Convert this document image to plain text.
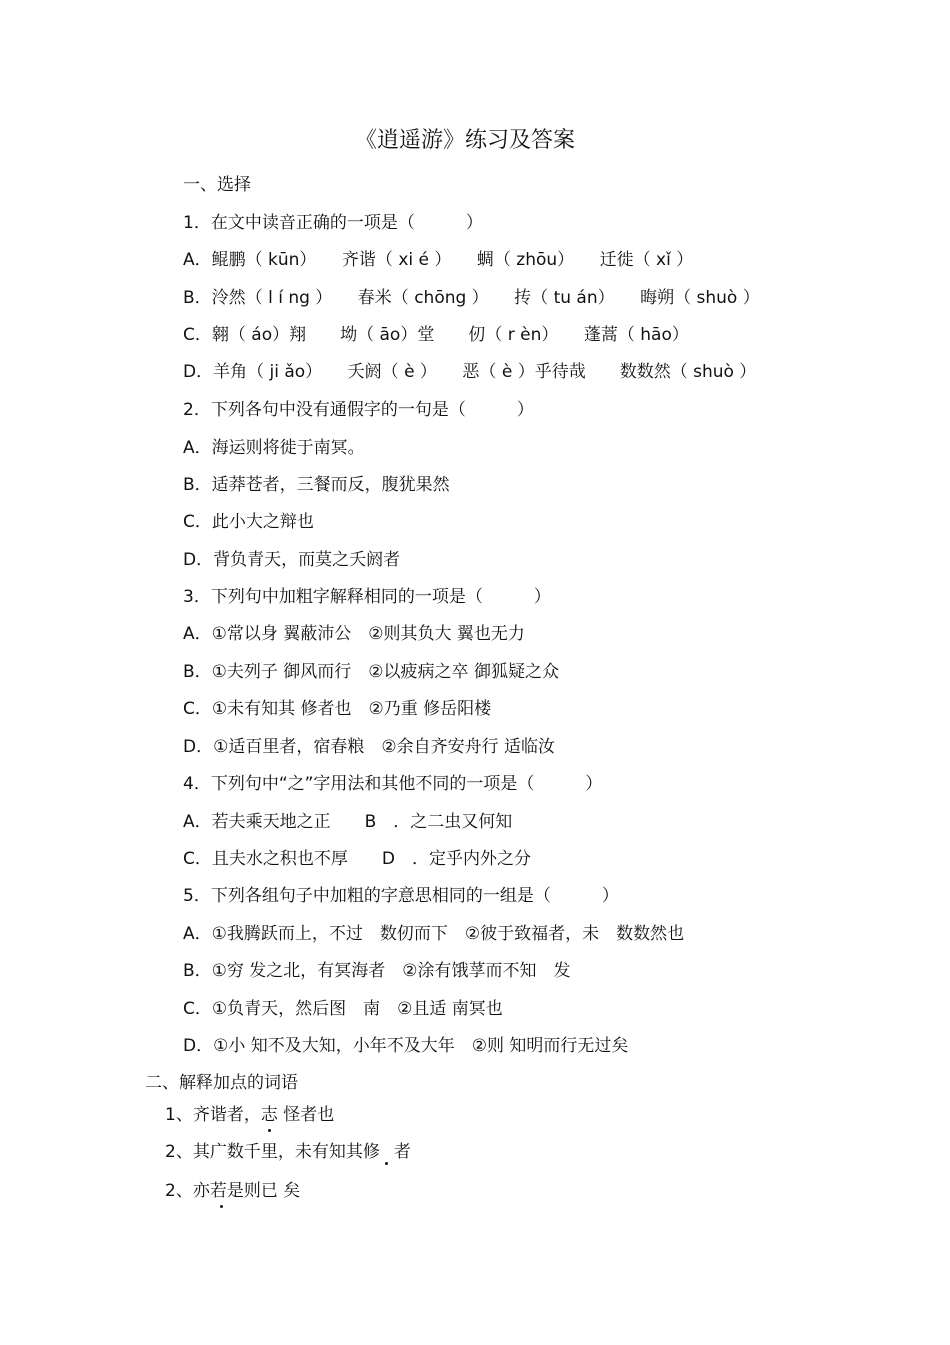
《逍遥游》练习及答案
一、选择
1．在文中读音正确的一项是（　　　）
A．鲲鹏（ kūn）　　齐谐（ xi é ）　　蜩（ zhōu）　　迁徙（ xǐ ）
B．泠然（ l í ng ）　　春米（ chōng ）　　抟（ tu án）　　晦朔（ shuò ）
C．翱（ áo）翔　　坳（ āo）堂　　仞（ r èn）　　蓬蒿（ hāo）
D．羊角（ ji ǎo）　　夭阏（ è ）　　恶（ è ）乎待哉　　数数然（ shuò ）
2．下列各句中没有通假字的一句是（　　　）
A．海运则将徙于南冥。
B．适莽苍者，三餐而反，腹犹果然
C．此小大之辩也
D．背负青天，而莫之夭阏者
3．下列句中加粗字解释相同的一项是（　　　）
A．①常以身 翼蔽沛公　②则其负大 翼也无力
B．①夫列子 御风而行　②以疲病之卒 御狐疑之众
C．①未有知其 修者也　②乃重 修岳阳楼
D．①适百里者，宿春粮　②余自齐安舟行 适临汝
4．下列句中“之”字用法和其他不同的一项是（　　　）
A．若夫乘天地之正　　B　．之二虫又何知
C．且夫水之积也不厚　　D　．定乎内外之分
5．下列各组句子中加粗的字意思相同的一组是（　　　）
A．①我腾跃而上，不过　数仞而下　②彼于致福者，未　数数然也
B．①穷 发之北，有冥海者　②涂有饿莩而不知　发
C．①负青天，然后图　南　②且适 南冥也
D．①小 知不及大知，小年不及大年　②则 知明而行无过矣
二、解释加点的词语
1、齐谐者，志 怪者也
2、其广数千里，未有知其修 者
2、亦若是则已 矣
